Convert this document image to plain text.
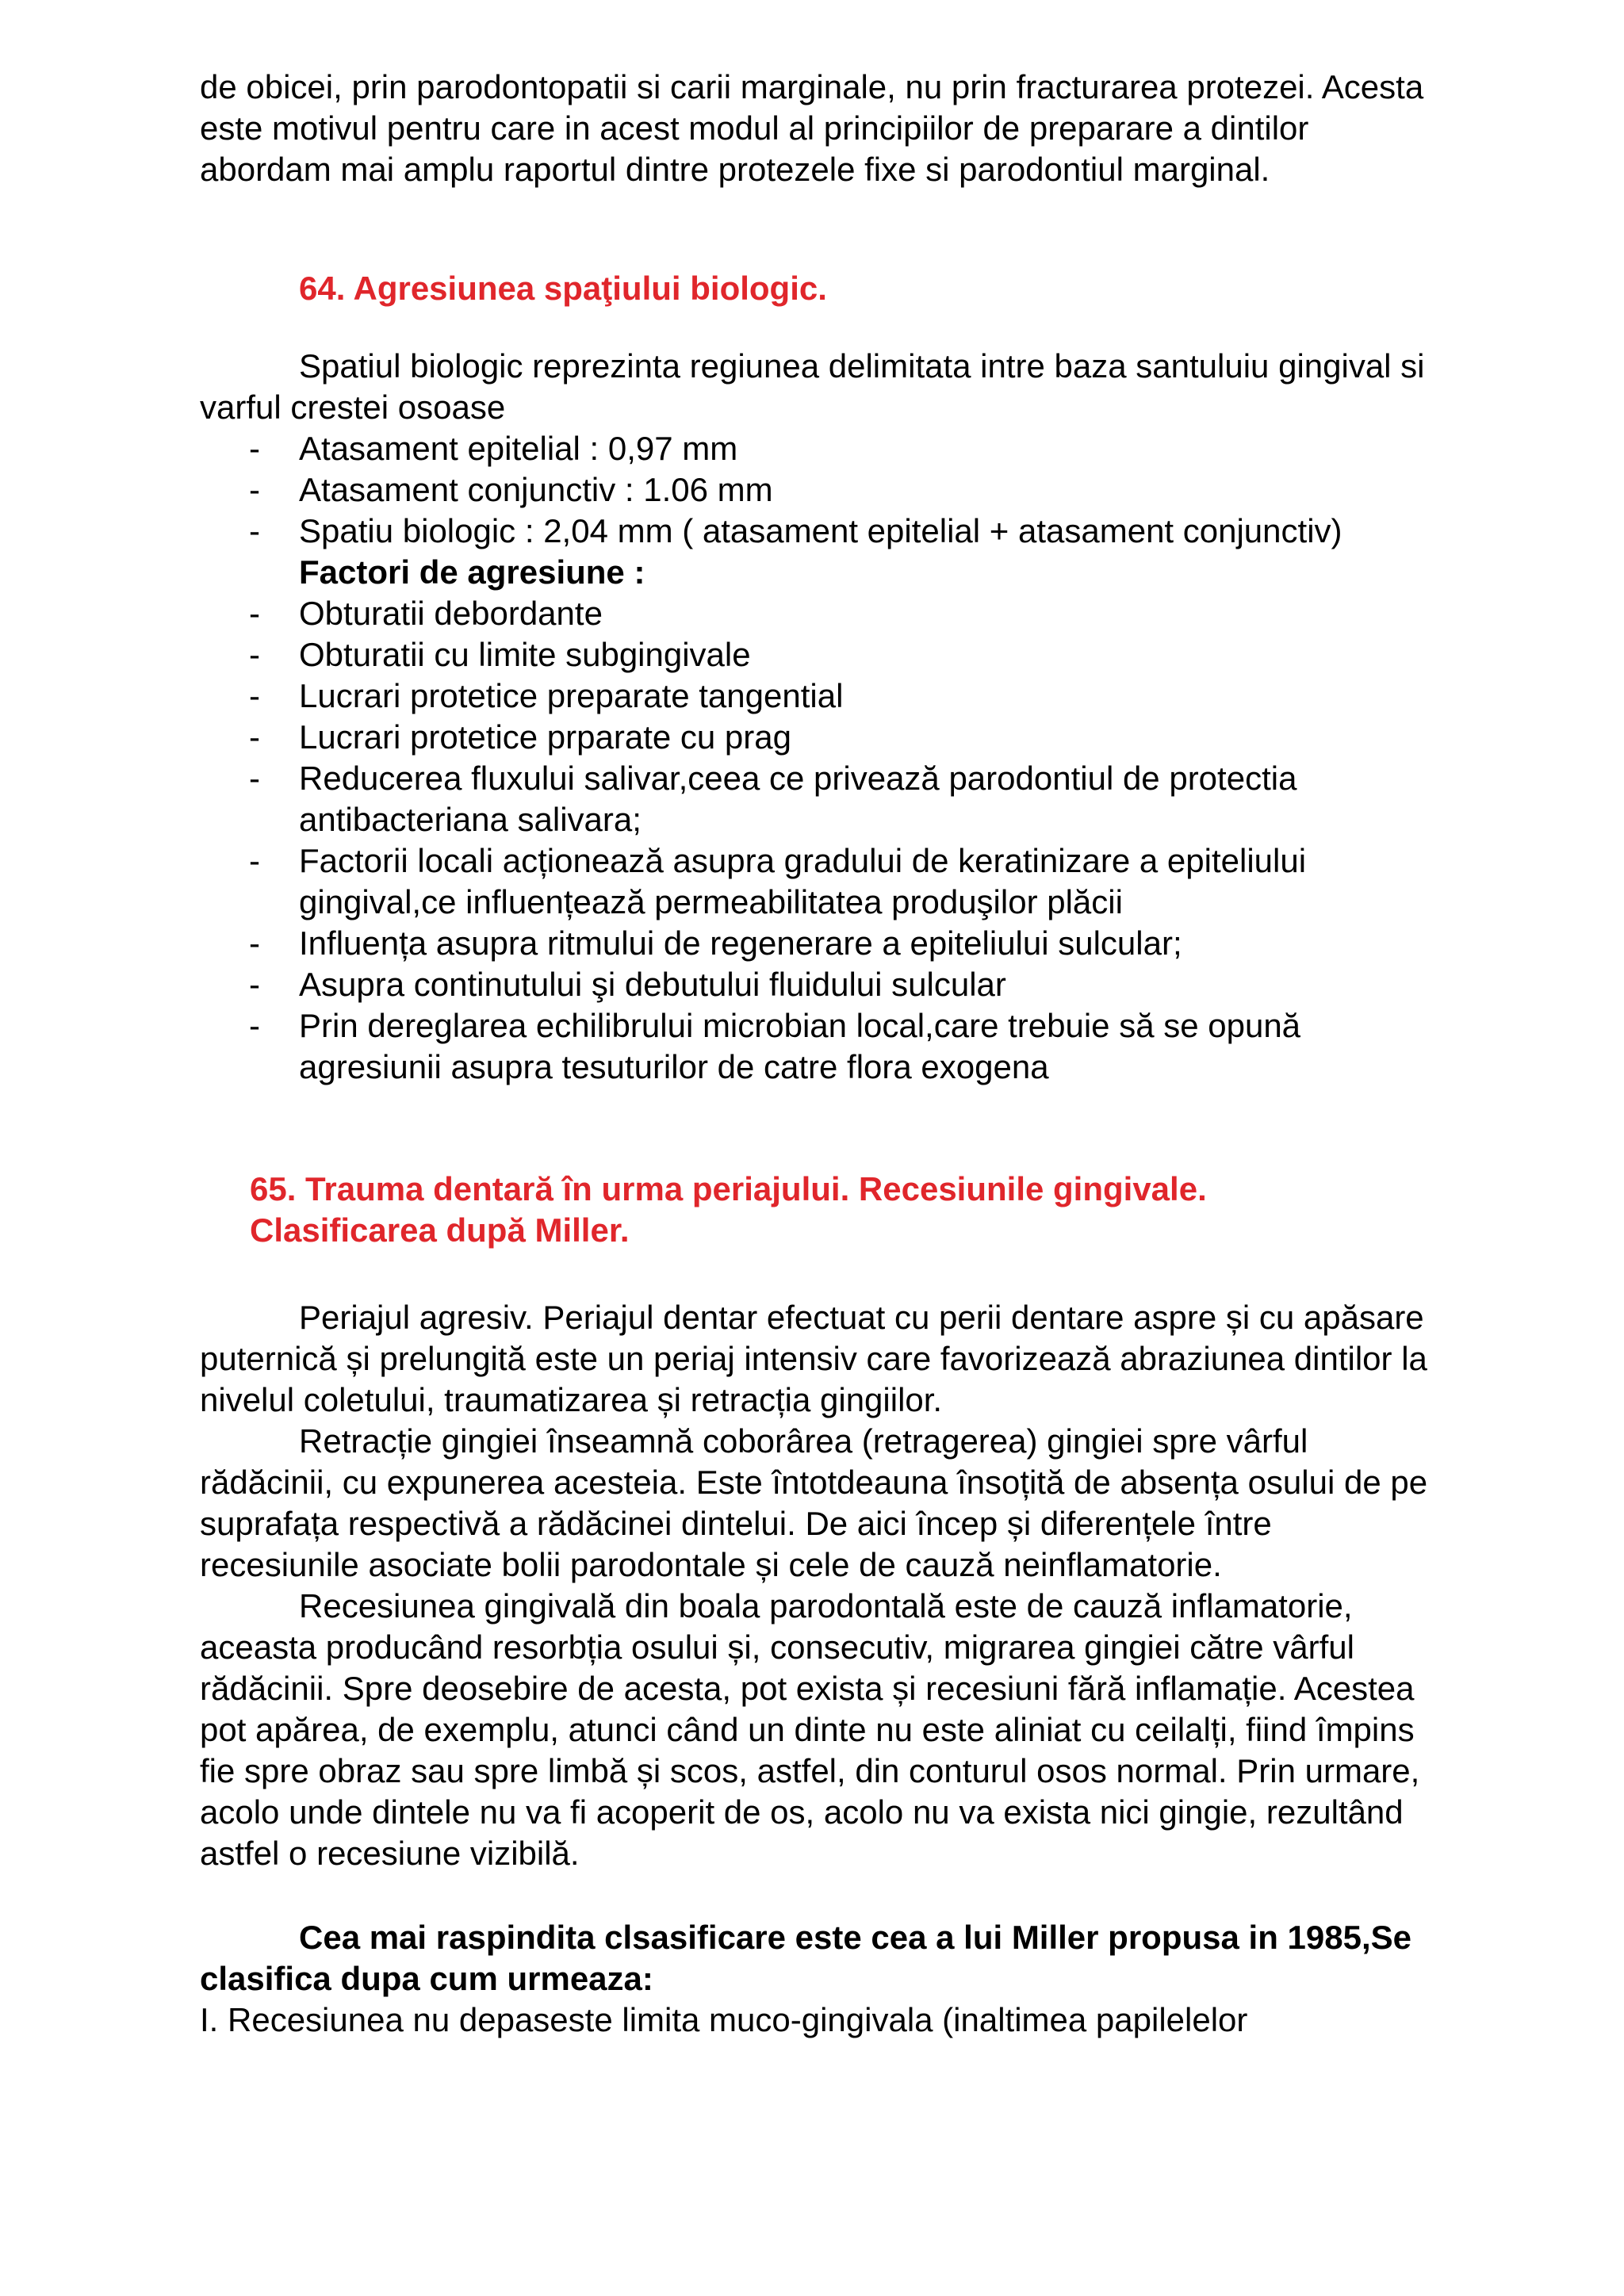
de obicei, prin parodontopatii si carii marginale, nu prin fracturarea protezei. Acesta este motivul pentru care in acest modul al principiilor de preparare a dintilor abordam mai amplu raportul dintre protezele fixe si parodontiul marginal.

64. Agresiunea spaţiului biologic.

Spatiul biologic reprezinta regiunea delimitata intre baza santuluiu gingival si varful crestei osoase

- Atasament epitelial : 0,97 mm
- Atasament conjunctiv : 1.06 mm
- Spatiu biologic : 2,04 mm ( atasament epitelial + atasament conjunctiv)

Factori de agresiune :

- Obturatii debordante
- Obturatii cu limite subgingivale
- Lucrari protetice preparate tangential
- Lucrari protetice prparate cu prag
- Reducerea fluxului salivar,ceea ce privează parodontiul de protectia antibacteriana salivara;
- Factorii locali acționează asupra gradului de keratinizare a epiteliului gingival,ce influențează permeabilitatea produşilor plăcii
- Influența asupra ritmului de regenerare a epiteliului sulcular;
- Asupra continutului şi debutului fluidului sulcular
- Prin dereglarea echilibrului microbian local,care trebuie să se opună agresiunii asupra tesuturilor de catre flora exogena

65. Trauma dentară în urma periajului. Recesiunile gingivale.

Clasificarea după Miller.

Periajul agresiv. Periajul dentar efectuat cu perii dentare aspre și cu apăsare puternică și prelungită este un periaj intensiv care favorizează abraziunea dintilor la nivelul coletului, traumatizarea și retracția gingiilor.

Retracție gingiei înseamnă coborârea (retragerea) gingiei spre vârful rădăcinii, cu expunerea acesteia. Este întotdeauna însoțită de absența osului de pe suprafața respectivă a rădăcinei dintelui. De aici încep și diferențele între recesiunile asociate bolii parodontale și cele de cauză neinflamatorie.

Recesiunea gingivală din boala parodontală este de cauză inflamatorie, aceasta producând resorbția osului și, consecutiv, migrarea gingiei către vârful rădăcinii. Spre deosebire de acesta, pot exista și recesiuni fără inflamație. Acestea pot apărea, de exemplu, atunci când un dinte nu este aliniat cu ceilalți, fiind împins fie spre obraz sau spre limbă și scos, astfel, din conturul osos normal. Prin urmare, acolo unde dintele nu va fi acoperit de os, acolo nu va exista nici gingie, rezultând astfel o recesiune vizibilă.

Cea mai raspindita clsasificare este cea a lui Miller propusa in 1985,Se clasifica dupa cum urmeaza:

I. Recesiunea nu depaseste limita muco-gingivala (inaltimea papilelelor
